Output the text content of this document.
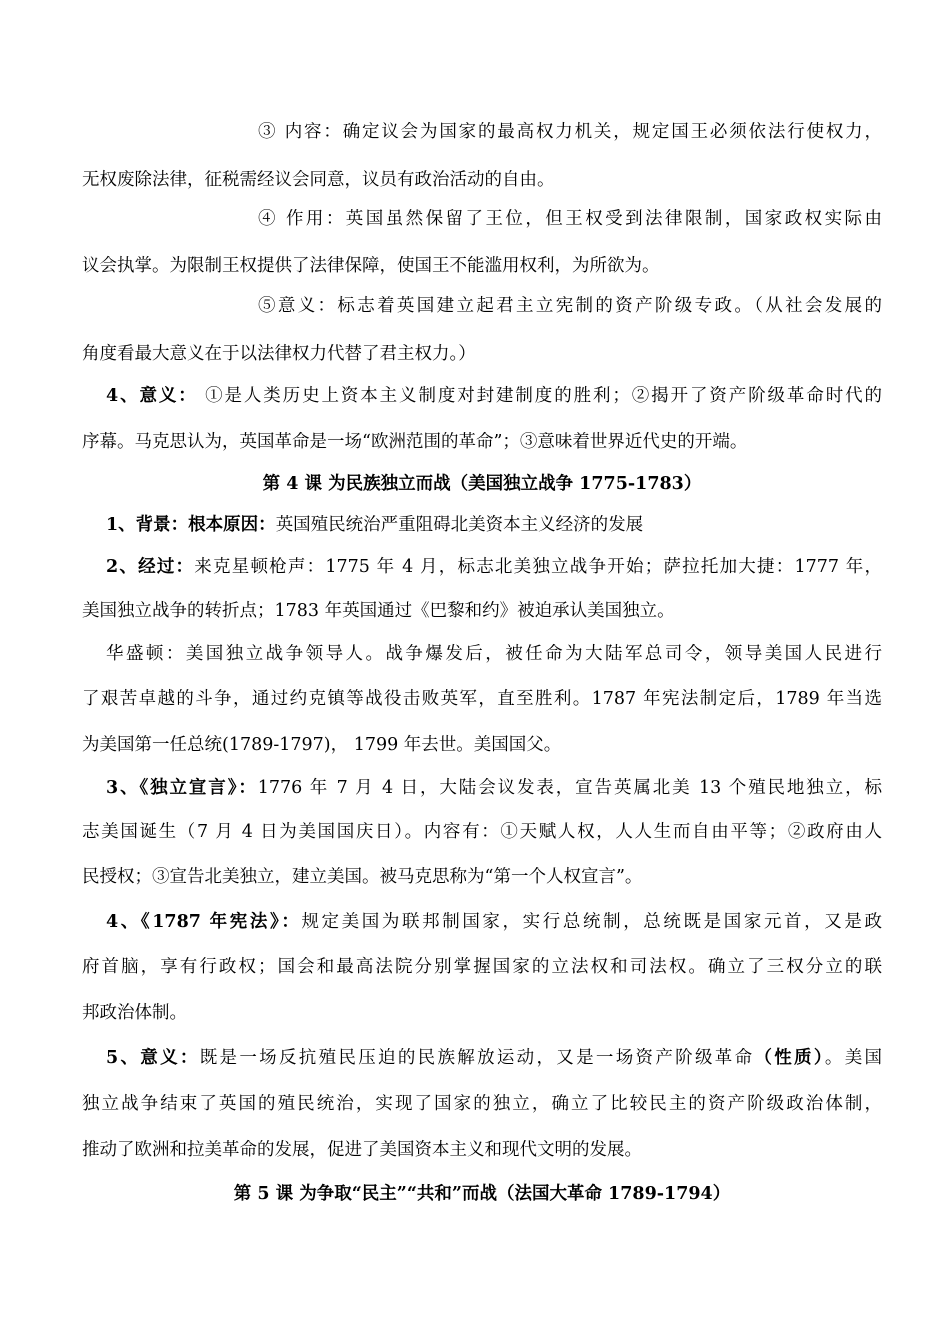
③ 内容：确定议会为国家的最高权力机关，规定国王必须依法行使权力，
无权废除法律，征税需经议会同意，议员有政治活动的自由。
④ 作用：英国虽然保留了王位，但王权受到法律限制，国家政权实际由
议会执掌。为限制王权提供了法律保障，使国王不能滥用权利，为所欲为。
⑤意义：标志着英国建立起君主立宪制的资产阶级专政。（从社会发展的
角度看最大意义在于以法律权力代替了君主权力。）
4、意义： ①是人类历史上资本主义制度对封建制度的胜利；②揭开了资产阶级革命时代的
序幕。马克思认为，英国革命是一场“欧洲范围的革命”；③意味着世界近代史的开端。
第 4 课 为民族独立而战（美国独立战争 1775-1783）
1、背景：根本原因：英国殖民统治严重阻碍北美资本主义经济的发展
2、经过：来克星顿枪声：1775 年 4 月，标志北美独立战争开始；萨拉托加大捷：1777 年，
美国独立战争的转折点；1783 年英国通过《巴黎和约》被迫承认美国独立。
华盛顿：美国独立战争领导人。战争爆发后，被任命为大陆军总司令，领导美国人民进行
了艰苦卓越的斗争，通过约克镇等战役击败英军，直至胜利。1787 年宪法制定后，1789 年当选
为美国第一任总统(1789-1797)， 1799 年去世。美国国父。
3、《独立宣言》：1776 年 7 月 4 日，大陆会议发表，宣告英属北美 13 个殖民地独立，标
志美国诞生（7 月 4 日为美国国庆日）。内容有：①天赋人权，人人生而自由平等；②政府由人
民授权；③宣告北美独立，建立美国。被马克思称为“第一个人权宣言”。
4、《1787 年宪法》：规定美国为联邦制国家，实行总统制，总统既是国家元首，又是政
府首脑，享有行政权；国会和最高法院分别掌握国家的立法权和司法权。确立了三权分立的联
邦政治体制。
5、意义：既是一场反抗殖民压迫的民族解放运动，又是一场资产阶级革命（性质）。美国
独立战争结束了英国的殖民统治，实现了国家的独立，确立了比较民主的资产阶级政治体制，
推动了欧洲和拉美革命的发展，促进了美国资本主义和现代文明的发展。
第 5 课 为争取“民主”“共和”而战（法国大革命 1789-1794）
